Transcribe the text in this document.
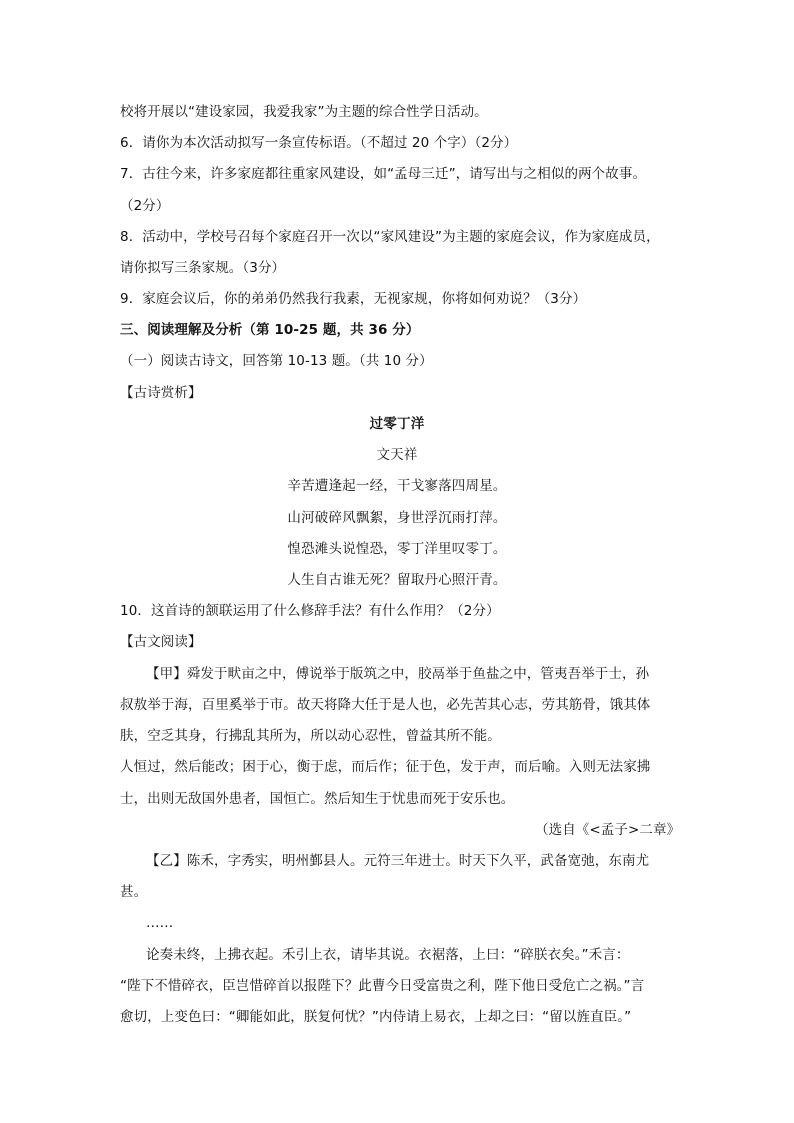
校将开展以“建设家园，我爱我家”为主题的综合性学日活动。
6．请你为本次活动拟写一条宣传标语。（不超过 20 个字）（2分）
7．古往今来，许多家庭都往重家风建设，如“孟母三迁”，请写出与之相似的两个故事。
（2分）
8．活动中，学校号召每个家庭召开一次以“家风建设”为主题的家庭会议，作为家庭成员，
请你拟写三条家规。（3分）
9．家庭会议后，你的弟弟仍然我行我素，无视家规，你将如何劝说？（3分）
三、阅读理解及分析（第 10-25 题，共 36 分）
（一）阅读古诗文，回答第 10-13 题。（共 10 分）
【古诗赏析】
过零丁洋
文天祥
辛苦遭逢起一经，干戈寥落四周星。
山河破碎风飘絮，身世浮沉雨打萍。
惶恐滩头说惶恐，零丁洋里叹零丁。
人生自古谁无死？留取丹心照汗青。
10．这首诗的颔联运用了什么修辞手法？有什么作用？（2分）
【古文阅读】
【甲】舜发于畎亩之中，傅说举于版筑之中，胶鬲举于鱼盐之中，管夷吾举于士，孙
叔敖举于海，百里奚举于市。故天将降大任于是人也，必先苦其心志，劳其筋骨，饿其体
肤，空乏其身，行拂乱其所为，所以动心忍性，曾益其所不能。
人恒过，然后能改；困于心，衡于虑，而后作；征于色，发于声，而后喻。入则无法家拂
士，出则无敌国外患者，国恒亡。然后知生于忧患而死于安乐也。
（选自《<孟子>二章》
【乙】陈禾，字秀实，明州鄞县人。元符三年进士。时天下久平，武备宽弛，东南尤
甚。
……
论奏未终，上拂衣起。禾引上衣，请毕其说。衣裾落，上曰：“碎朕衣矣。”禾言：
“陛下不惜碎衣，臣岂惜碎首以报陛下？此曹今日受富贵之利，陛下他日受危亡之祸。”言
愈切，上变色曰：“卿能如此，朕复何忧？”内侍请上易衣，上却之曰：“留以旌直臣。”
